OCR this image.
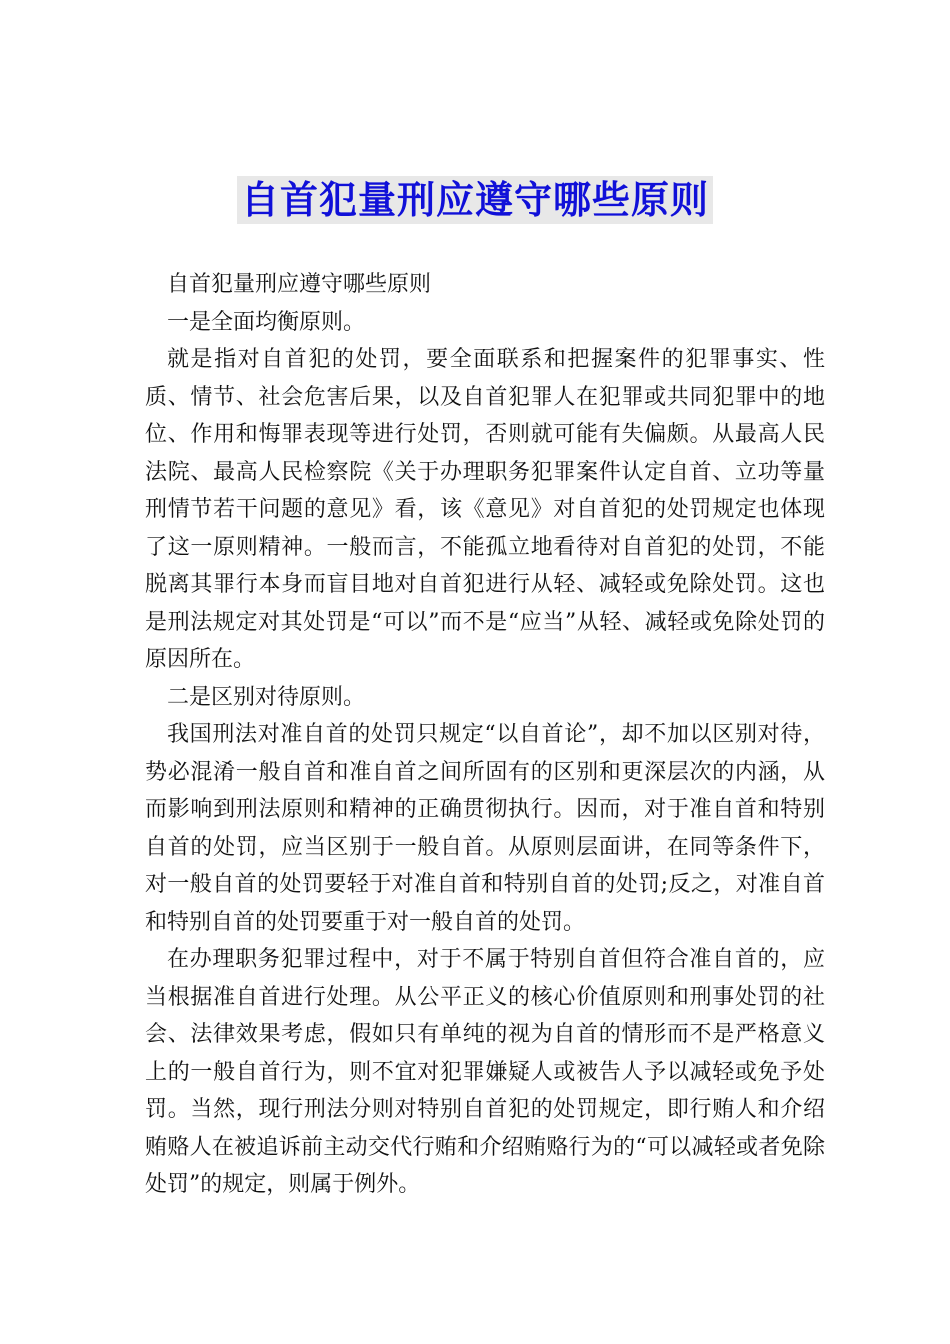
自首犯量刑应遵守哪些原则

自首犯量刑应遵守哪些原则

一是全面均衡原则。

就是指对自首犯的处罚，要全面联系和把握案件的犯罪事实、性质、情节、社会危害后果，以及自首犯罪人在犯罪或共同犯罪中的地位、作用和悔罪表现等进行处罚，否则就可能有失偏颇。从最高人民法院、最高人民检察院《关于办理职务犯罪案件认定自首、立功等量刑情节若干问题的意见》看，该《意见》对自首犯的处罚规定也体现了这一原则精神。一般而言，不能孤立地看待对自首犯的处罚，不能脱离其罪行本身而盲目地对自首犯进行从轻、减轻或免除处罚。这也是刑法规定对其处罚是“可以”而不是“应当”从轻、减轻或免除处罚的原因所在。

二是区别对待原则。

我国刑法对准自首的处罚只规定“以自首论”，却不加以区别对待，势必混淆一般自首和准自首之间所固有的区别和更深层次的内涵，从而影响到刑法原则和精神的正确贯彻执行。因而，对于准自首和特别自首的处罚，应当区别于一般自首。从原则层面讲，在同等条件下，对一般自首的处罚要轻于对准自首和特别自首的处罚;反之，对准自首和特别自首的处罚要重于对一般自首的处罚。

在办理职务犯罪过程中，对于不属于特别自首但符合准自首的，应当根据准自首进行处理。从公平正义的核心价值原则和刑事处罚的社会、法律效果考虑，假如只有单纯的视为自首的情形而不是严格意义上的一般自首行为，则不宜对犯罪嫌疑人或被告人予以减轻或免予处罚。当然，现行刑法分则对特别自首犯的处罚规定，即行贿人和介绍贿赂人在被追诉前主动交代行贿和介绍贿赂行为的“可以减轻或者免除处罚”的规定，则属于例外。
